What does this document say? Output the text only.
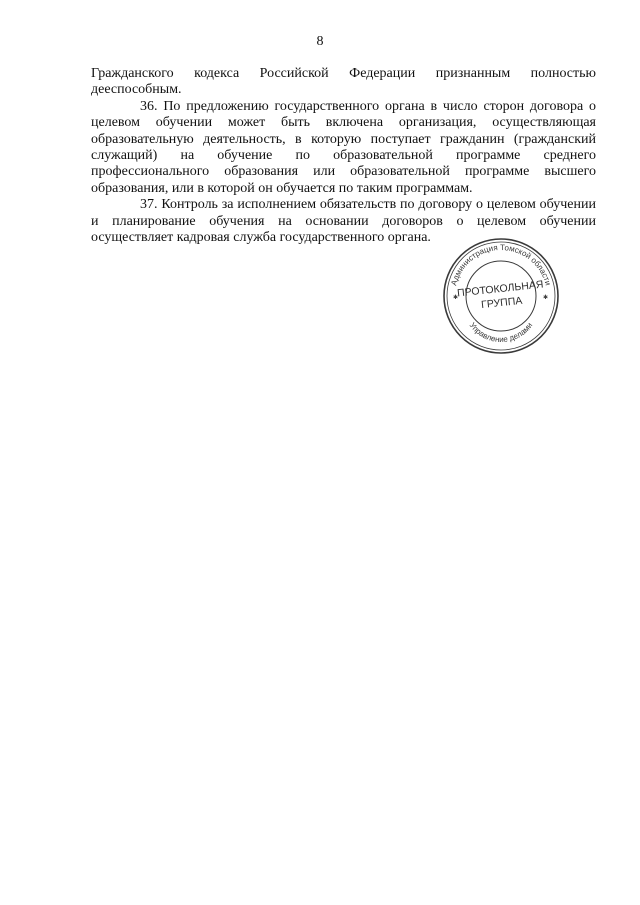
8

Гражданского кодекса Российской Федерации признанным полностью дееспособным.

36. По предложению государственного органа в число сторон договора о целевом обучении может быть включена организация, осуществляющая образовательную деятельность, в которую поступает гражданин (гражданский служащий) на обучение по образовательной программе среднего профессионального образования или образовательной программе высшего образования, или в которой он обучается по таким программам.

37. Контроль за исполнением обязательств по договору о целевом обучении и планирование обучения на основании договоров о целевом обучении осуществляет кадровая служба государственного органа.

Администрация Томской области
Управление делами
✱	✱
ПРОТОКОЛЬНАЯ
ГРУППА
